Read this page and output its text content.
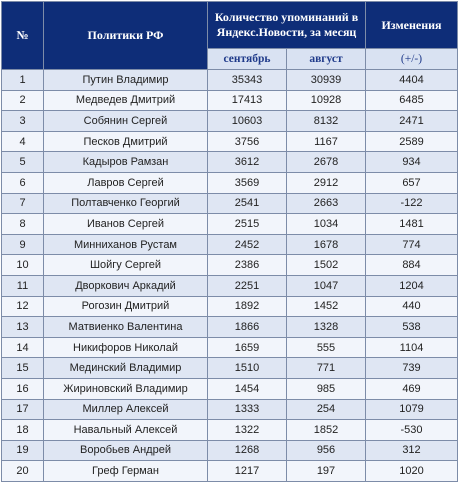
№	Политики РФ	Количество упоминаний в Яндекс.Новости, за месяц		Изменения
		сентябрь	август	(+/-)
1	Путин Владимир	35343	30939	4404
2	Медведев Дмитрий	17413	10928	6485
3	Собянин Сергей	10603	8132	2471
4	Песков Дмитрий	3756	1167	2589
5	Кадыров Рамзан	3612	2678	934
6	Лавров Сергей	3569	2912	657
7	Полтавченко Георгий	2541	2663	-122
8	Иванов Сергей	2515	1034	1481
9	Минниханов Рустам	2452	1678	774
10	Шойгу Сергей	2386	1502	884
11	Дворкович Аркадий	2251	1047	1204
12	Рогозин Дмитрий	1892	1452	440
13	Матвиенко Валентина	1866	1328	538
14	Никифоров Николай	1659	555	1104
15	Мединский Владимир	1510	771	739
16	Жириновский Владимир	1454	985	469
17	Миллер Алексей	1333	254	1079
18	Навальный Алексей	1322	1852	-530
19	Воробьев Андрей	1268	956	312
20	Греф Герман	1217	197	1020
